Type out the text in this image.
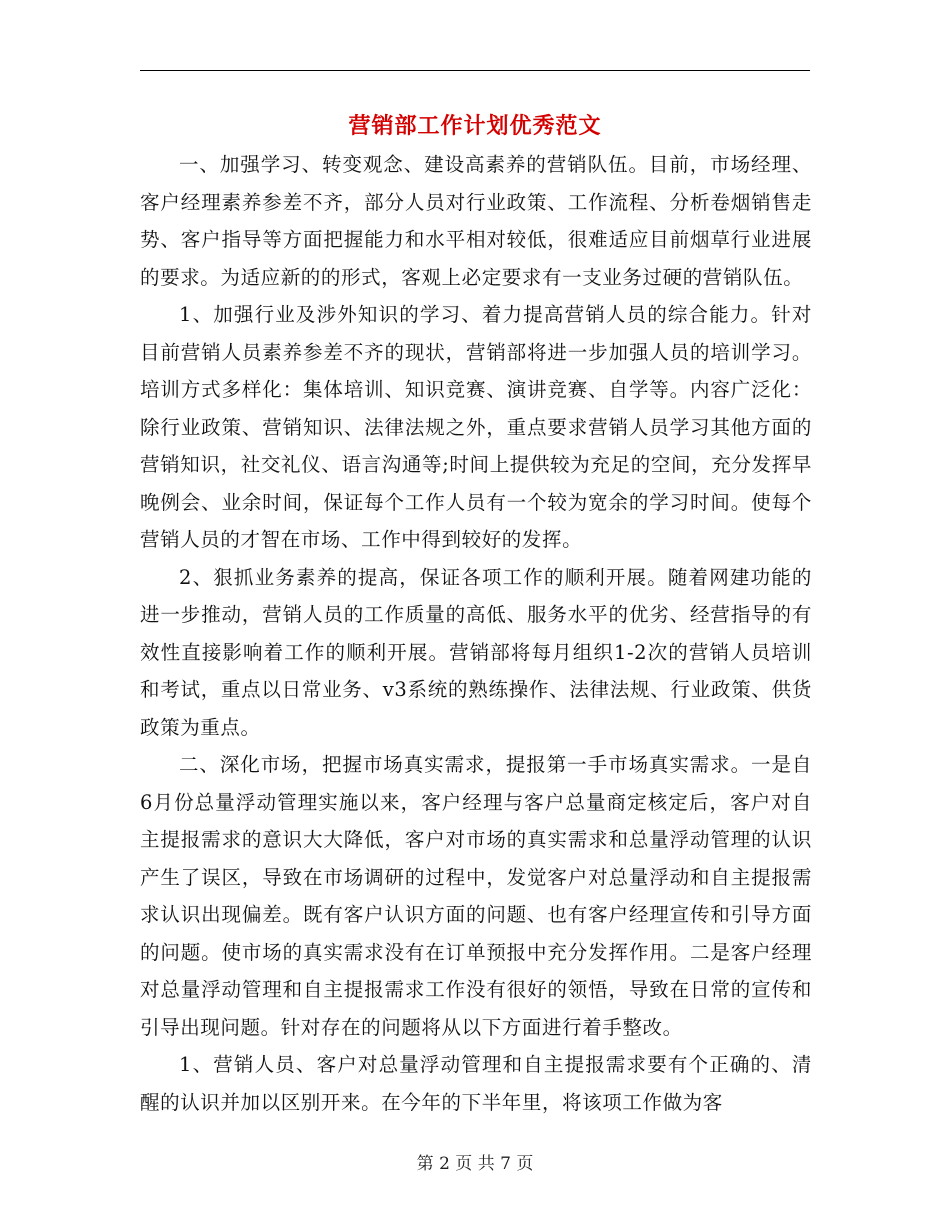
营销部工作计划优秀范文

一、加强学习、转变观念、建设高素养的营销队伍。目前，市场经理、客户经理素养参差不齐，部分人员对行业政策、工作流程、分析卷烟销售走势、客户指导等方面把握能力和水平相对较低，很难适应目前烟草行业进展的要求。为适应新的的形式，客观上必定要求有一支业务过硬的营销队伍。

1、加强行业及涉外知识的学习、着力提高营销人员的综合能力。针对目前营销人员素养参差不齐的现状，营销部将进一步加强人员的培训学习。培训方式多样化：集体培训、知识竞赛、演讲竞赛、自学等。内容广泛化：除行业政策、营销知识、法律法规之外，重点要求营销人员学习其他方面的营销知识，社交礼仪、语言沟通等;时间上提供较为充足的空间，充分发挥早晚例会、业余时间，保证每个工作人员有一个较为宽余的学习时间。使每个营销人员的才智在市场、工作中得到较好的发挥。

2、狠抓业务素养的提高，保证各项工作的顺利开展。随着网建功能的进一步推动，营销人员的工作质量的高低、服务水平的优劣、经营指导的有效性直接影响着工作的顺利开展。营销部将每月组织1-2次的营销人员培训和考试，重点以日常业务、v3系统的熟练操作、法律法规、行业政策、供货政策为重点。

二、深化市场，把握市场真实需求，提报第一手市场真实需求。一是自6月份总量浮动管理实施以来，客户经理与客户总量商定核定后，客户对自主提报需求的意识大大降低，客户对市场的真实需求和总量浮动管理的认识产生了误区，导致在市场调研的过程中，发觉客户对总量浮动和自主提报需求认识出现偏差。既有客户认识方面的问题、也有客户经理宣传和引导方面的问题。使市场的真实需求没有在订单预报中充分发挥作用。二是客户经理对总量浮动管理和自主提报需求工作没有很好的领悟，导致在日常的宣传和引导出现问题。针对存在的问题将从以下方面进行着手整改。

1、营销人员、客户对总量浮动管理和自主提报需求要有个正确的、清醒的认识并加以区别开来。在今年的下半年里，将该项工作做为客

第 2 页 共 7 页
